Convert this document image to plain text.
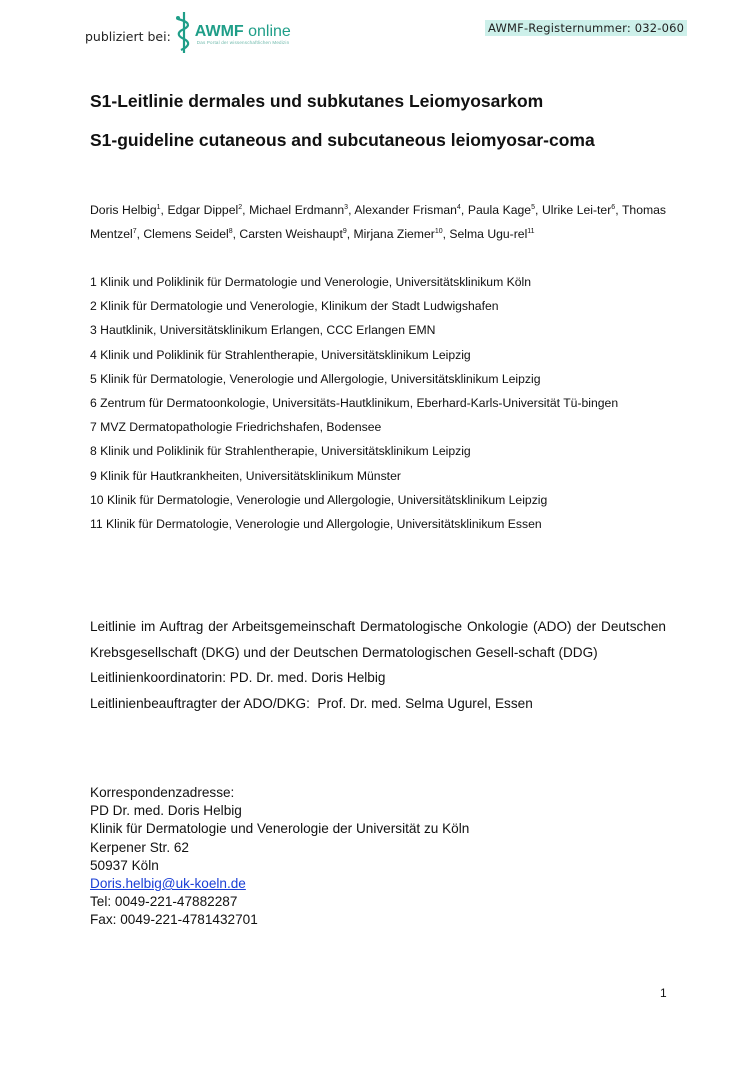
publiziert bei: AWMF online
Das Portal der wissenschaftlichen Medizin
AWMF-Registernummer: 032-060
S1-Leitlinie dermales und subkutanes Leiomyosarkom
S1-guideline cutaneous and subcutaneous leiomyosar-coma
Doris Helbig$^1$, Edgar Dippel$^2$, Michael Erdmann$^3$, Alexander Frisman$^4$, Paula Kage$^5$, Ulrike Lei-ter$^6$, Thomas Mentzel$^7$, Clemens Seidel$^8$, Carsten Weishaupt$^9$, Mirjana Ziemer$^{10}$, Selma Ugu-rel$^{11}$
1 Klinik und Poliklinik für Dermatologie und Venerologie, Universitätsklinikum Köln
2 Klinik für Dermatologie und Venerologie, Klinikum der Stadt Ludwigshafen
3 Hautklinik, Universitätsklinikum Erlangen, CCC Erlangen EMN
4 Klinik und Poliklinik für Strahlentherapie, Universitätsklinikum Leipzig
5 Klinik für Dermatologie, Venerologie und Allergologie, Universitätsklinikum Leipzig
6 Zentrum für Dermatoonkologie, Universitäts-Hautklinikum, Eberhard-Karls-Universität Tü-bingen
7 MVZ Dermatopathologie Friedrichshafen, Bodensee
8 Klinik und Poliklinik für Strahlentherapie, Universitätsklinikum Leipzig
9 Klinik für Hautkrankheiten, Universitätsklinikum Münster
10 Klinik für Dermatologie, Venerologie und Allergologie, Universitätsklinikum Leipzig
11 Klinik für Dermatologie, Venerologie und Allergologie, Universitätsklinikum Essen
Leitlinie im Auftrag der Arbeitsgemeinschaft Dermatologische Onkologie (ADO) der Deutschen Krebsgesellschaft (DKG) und der Deutschen Dermatologischen Gesell-schaft (DDG)
Leitlinienkoordinatorin: PD. Dr. med. Doris Helbig
Leitlinienbeauftragter der ADO/DKG:  Prof. Dr. med. Selma Ugurel, Essen
Korrespondenzadresse:
PD Dr. med. Doris Helbig
Klinik für Dermatologie und Venerologie der Universität zu Köln
Kerpener Str. 62
50937 Köln
Doris.helbig@uk-koeln.de
Tel: 0049-221-47882287
Fax: 0049-221-4781432701
1
